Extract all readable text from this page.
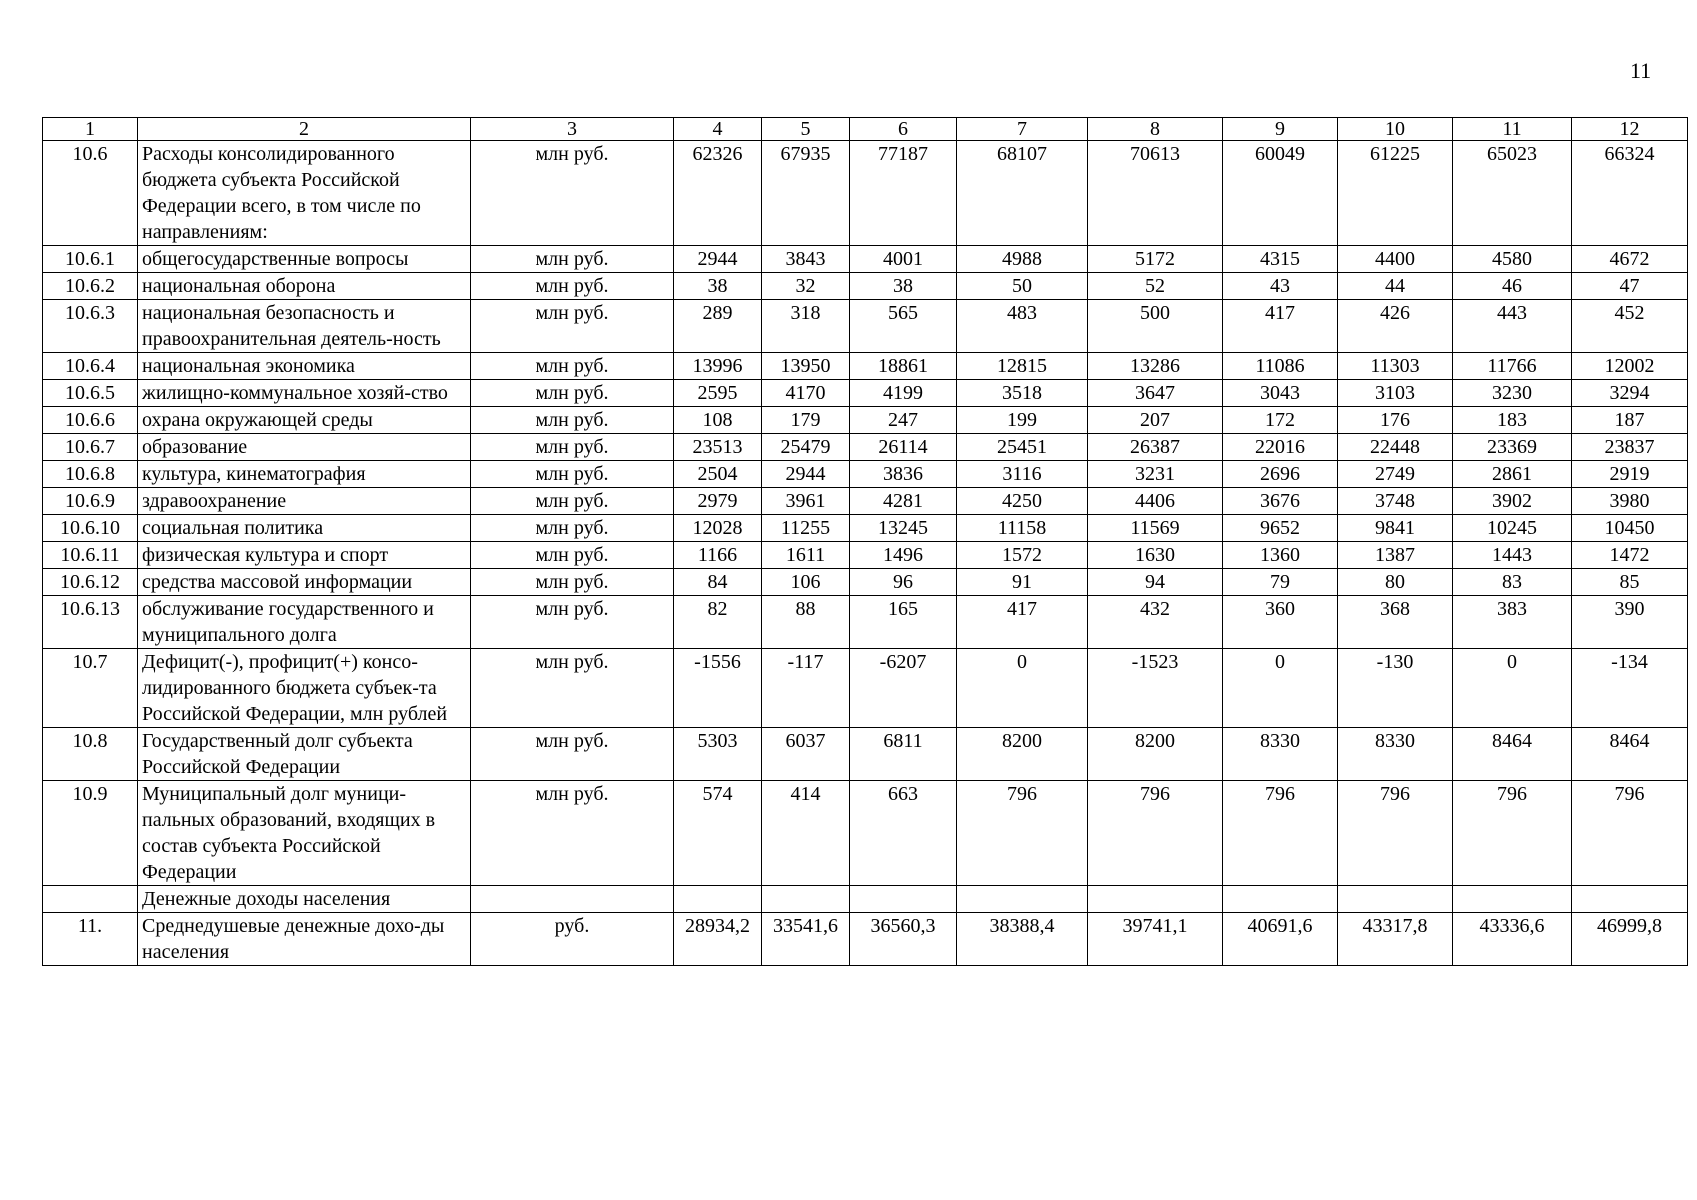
11
1	2	3	4	5	6	7	8	9	10	11	12
10.6	Расходы консолидированного бюджета субъекта Российской Федерации всего, в том числе по направлениям:	млн руб.	62326	67935	77187	68107	70613	60049	61225	65023	66324
10.6.1	общегосударственные вопросы	млн руб.	2944	3843	4001	4988	5172	4315	4400	4580	4672
10.6.2	национальная оборона	млн руб.	38	32	38	50	52	43	44	46	47
10.6.3	национальная безопасность и правоохранительная деятель-ность	млн руб.	289	318	565	483	500	417	426	443	452
10.6.4	национальная экономика	млн руб.	13996	13950	18861	12815	13286	11086	11303	11766	12002
10.6.5	жилищно-коммунальное хозяй-ство	млн руб.	2595	4170	4199	3518	3647	3043	3103	3230	3294
10.6.6	охрана окружающей среды	млн руб.	108	179	247	199	207	172	176	183	187
10.6.7	образование	млн руб.	23513	25479	26114	25451	26387	22016	22448	23369	23837
10.6.8	культура, кинематография	млн руб.	2504	2944	3836	3116	3231	2696	2749	2861	2919
10.6.9	здравоохранение	млн руб.	2979	3961	4281	4250	4406	3676	3748	3902	3980
10.6.10	социальная политика	млн руб.	12028	11255	13245	11158	11569	9652	9841	10245	10450
10.6.11	физическая культура и спорт	млн руб.	1166	1611	1496	1572	1630	1360	1387	1443	1472
10.6.12	средства массовой информации	млн руб.	84	106	96	91	94	79	80	83	85
10.6.13	обслуживание государственного и муниципального долга	млн руб.	82	88	165	417	432	360	368	383	390
10.7	Дефицит(-), профицит(+) консо-лидированного бюджета субъек-та Российской Федерации, млн рублей	млн руб.	-1556	-117	-6207	0	-1523	0	-130	0	-134
10.8	Государственный долг субъекта Российской Федерации	млн руб.	5303	6037	6811	8200	8200	8330	8330	8464	8464
10.9	Муниципальный долг муници-пальных образований, входящих в состав субъекта Российской Федерации	млн руб.	574	414	663	796	796	796	796	796	796
	Денежные доходы населения										
11.	Среднедушевые денежные дохо-ды населения	руб.	28934,2	33541,6	36560,3	38388,4	39741,1	40691,6	43317,8	43336,6	46999,8
